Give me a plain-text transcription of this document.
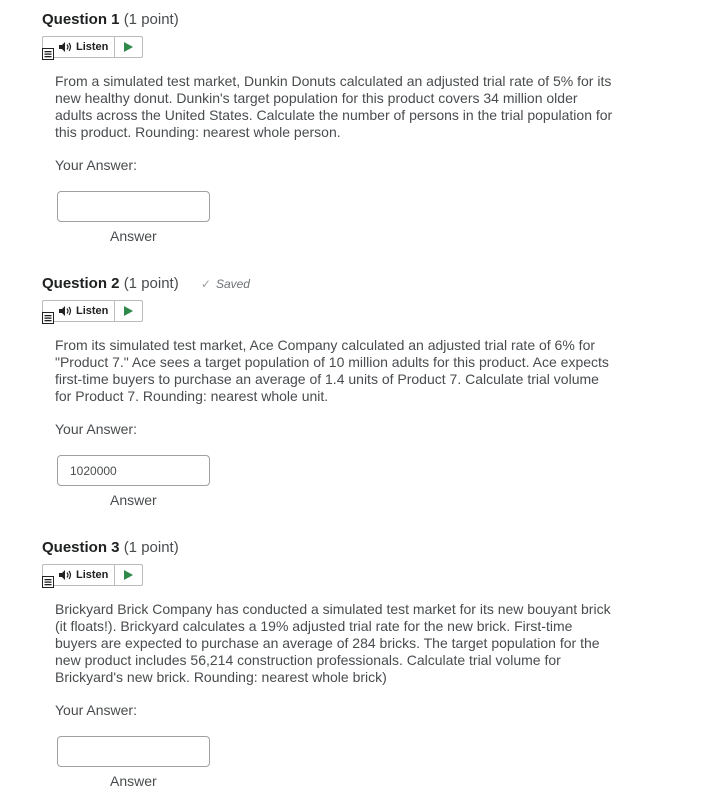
Question 1 (1 point)
Listen
From a simulated test market, Dunkin Donuts calculated an adjusted trial rate of 5% for its new healthy donut. Dunkin's target population for this product covers 34 million older adults across the United States. Calculate the number of persons in the trial population for this product. Rounding: nearest whole person.
Your Answer:
Answer
Question 2 (1 point) ✓ Saved
Listen
From its simulated test market, Ace Company calculated an adjusted trial rate of 6% for "Product 7." Ace sees a target population of 10 million adults for this product. Ace expects first-time buyers to purchase an average of 1.4 units of Product 7. Calculate trial volume for Product 7. Rounding: nearest whole unit.
Your Answer:
1020000
Answer
Question 3 (1 point)
Listen
Brickyard Brick Company has conducted a simulated test market for its new bouyant brick (it floats!). Brickyard calculates a 19% adjusted trial rate for the new brick. First-time buyers are expected to purchase an average of 284 bricks. The target population for the new product includes 56,214 construction professionals. Calculate trial volume for Brickyard's new brick. Rounding: nearest whole brick)
Your Answer:
Answer
